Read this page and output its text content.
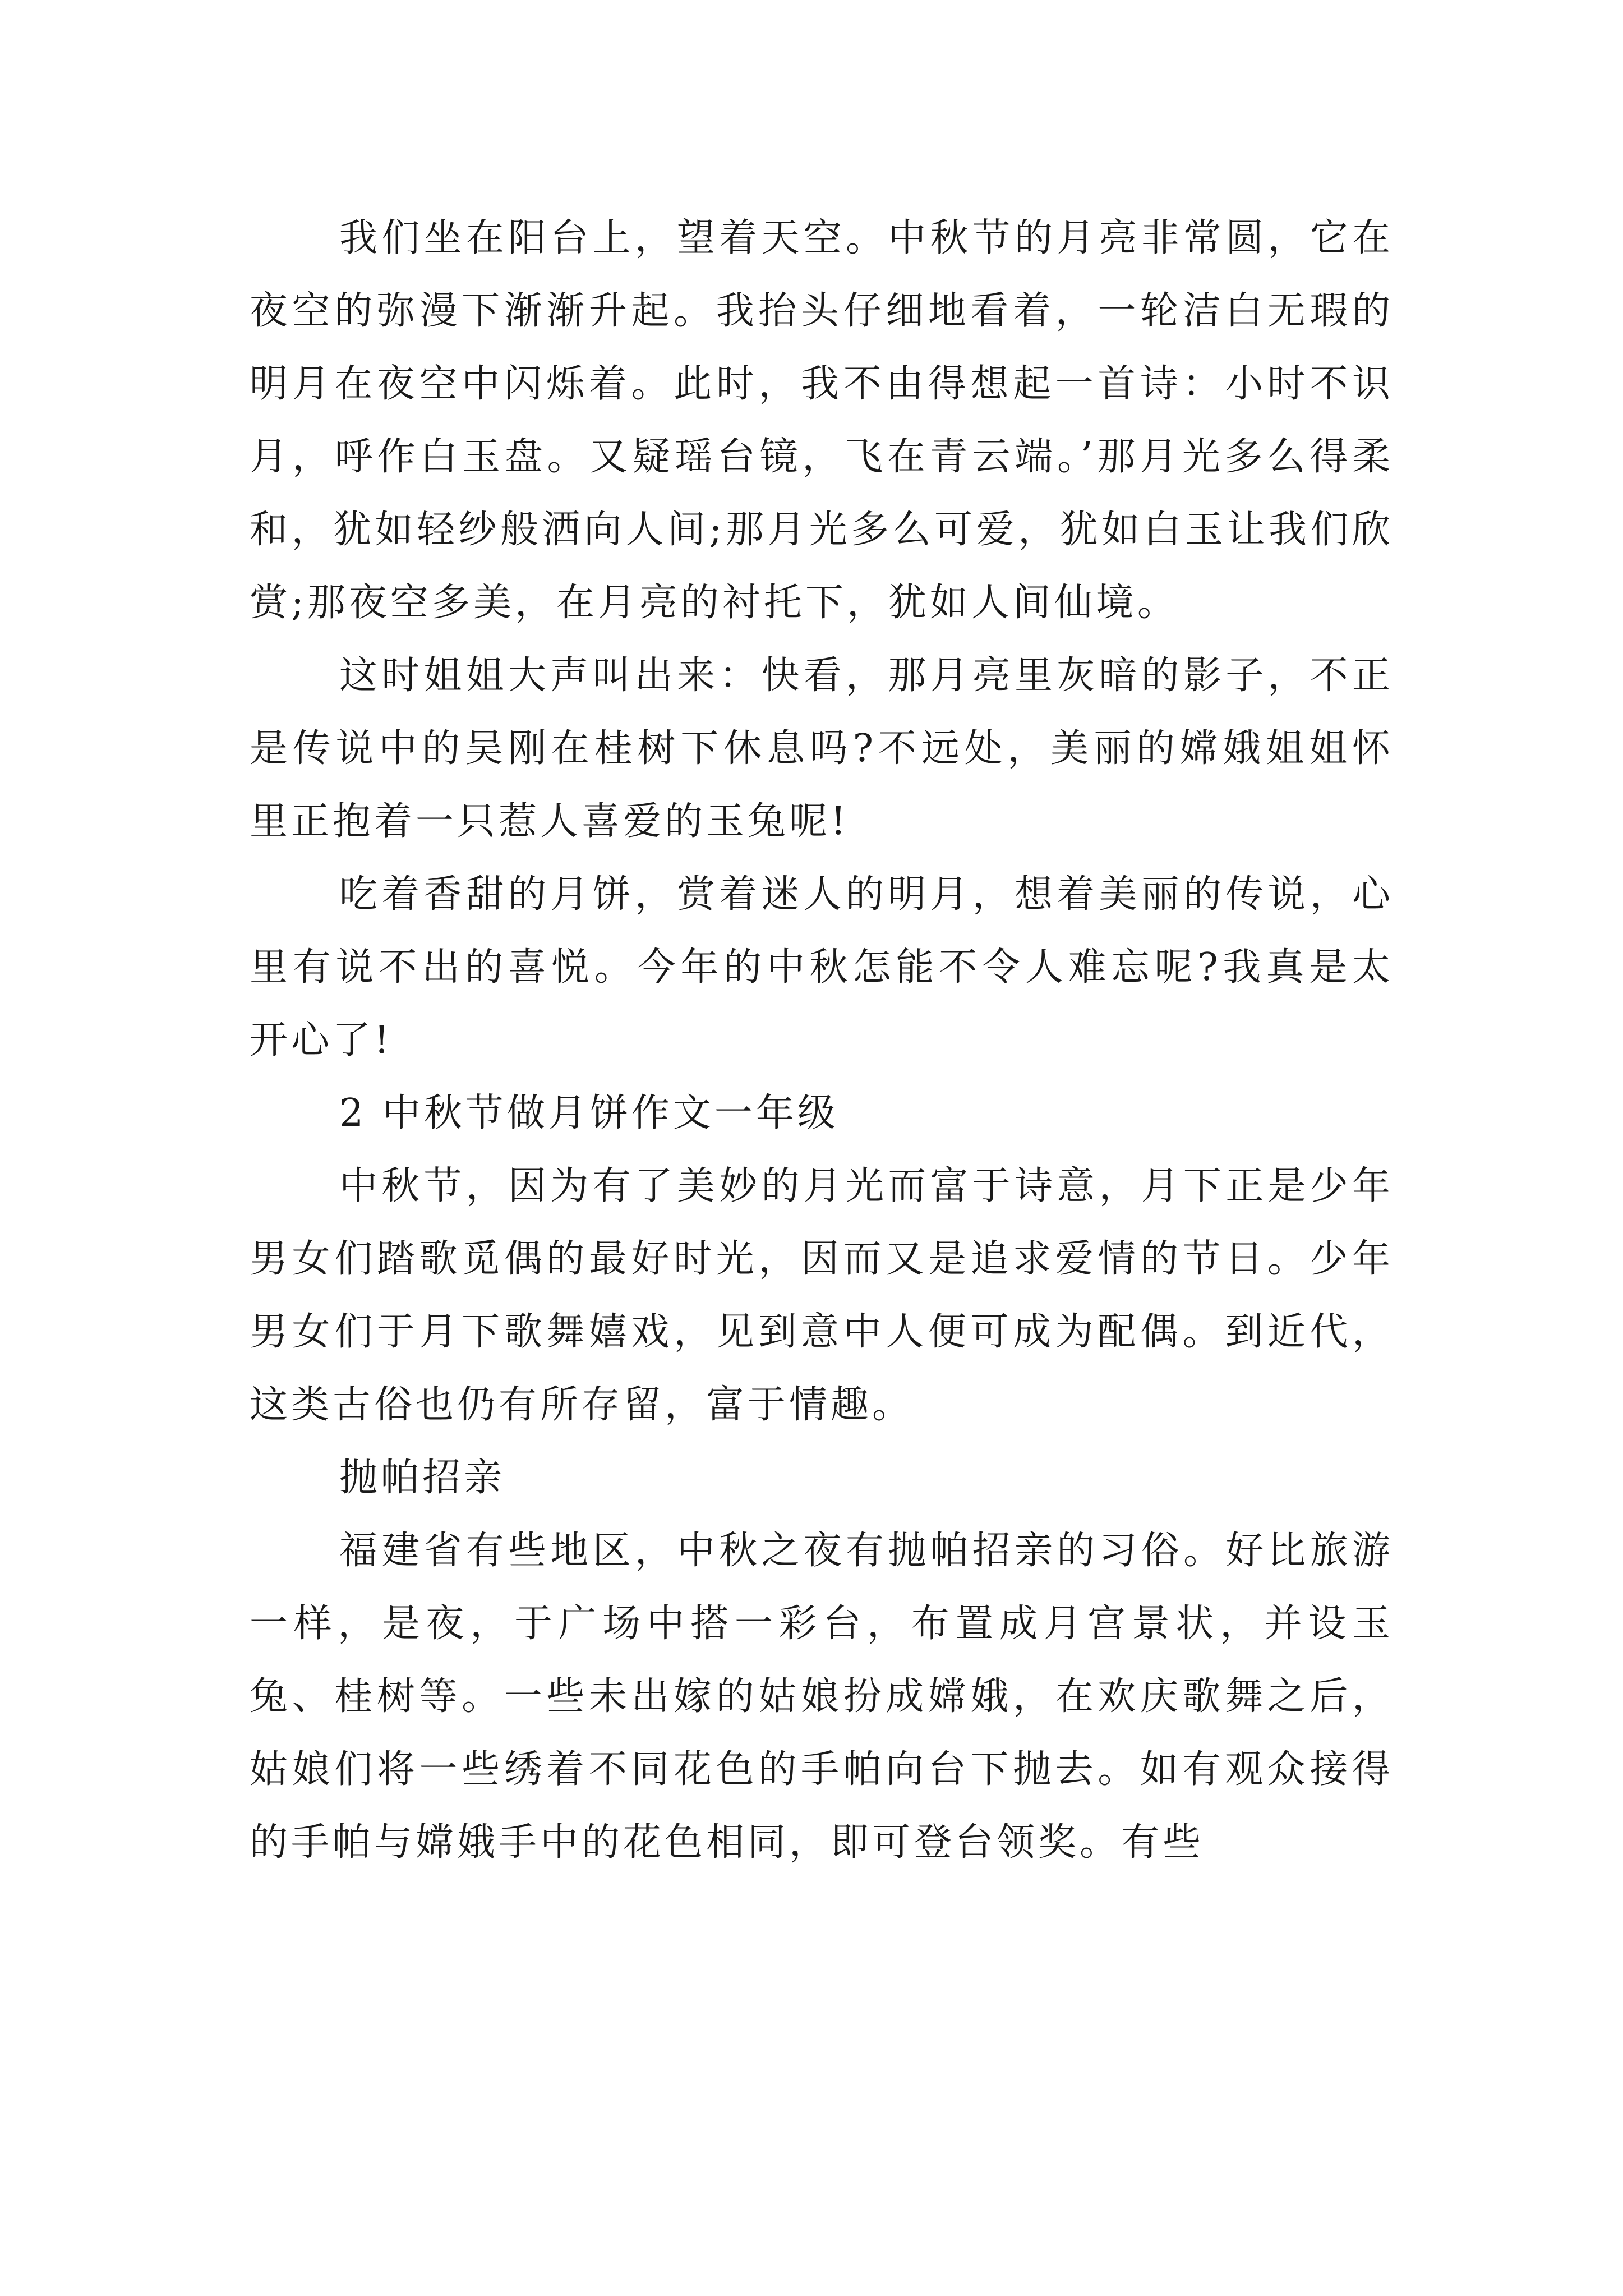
我们坐在阳台上，望着天空。中秋节的月亮非常圆，它在夜空的弥漫下渐渐升起。我抬头仔细地看着，一轮洁白无瑕的明月在夜空中闪烁着。此时，我不由得想起一首诗：小时不识月，呼作白玉盘。又疑瑶台镜，飞在青云端。’那月光多么得柔和，犹如轻纱般洒向人间;那月光多么可爱，犹如白玉让我们欣赏;那夜空多美，在月亮的衬托下，犹如人间仙境。

这时姐姐大声叫出来：快看，那月亮里灰暗的影子，不正是传说中的吴刚在桂树下休息吗?不远处，美丽的嫦娥姐姐怀里正抱着一只惹人喜爱的玉兔呢!

吃着香甜的月饼，赏着迷人的明月，想着美丽的传说，心里有说不出的喜悦。今年的中秋怎能不令人难忘呢?我真是太开心了!

2 中秋节做月饼作文一年级

中秋节，因为有了美妙的月光而富于诗意，月下正是少年男女们踏歌觅偶的最好时光，因而又是追求爱情的节日。少年男女们于月下歌舞嬉戏，见到意中人便可成为配偶。到近代，这类古俗也仍有所存留，富于情趣。

抛帕招亲

福建省有些地区，中秋之夜有抛帕招亲的习俗。好比旅游一样，是夜，于广场中搭一彩台，布置成月宫景状，并设玉兔、桂树等。一些未出嫁的姑娘扮成嫦娥，在欢庆歌舞之后，姑娘们将一些绣着不同花色的手帕向台下抛去。如有观众接得的手帕与嫦娥手中的花色相同，即可登台领奖。有些
